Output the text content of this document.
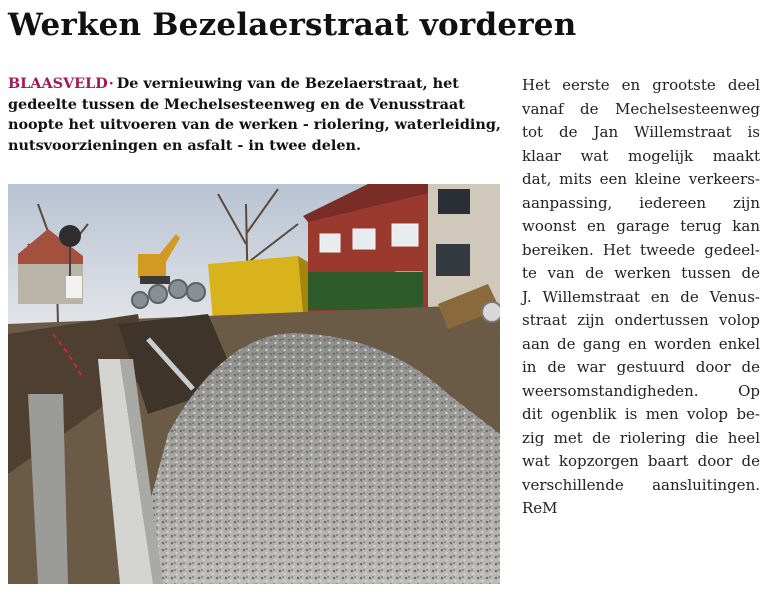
Werken Bezelaerstraat vorderen

BLAASVELD· De vernieuwing van de Bezelaerstraat, het gedeelte tussen de Mechelsesteenweg en de Venusstraat noopte het uitvoeren van de werken - riolering, waterleiding, nutsvoorzieningen en asfalt - in twee delen.

Het eerste en grootste deel
vanaf de Mechelsesteenweg
tot de Jan Willemstraat is
klaar wat mogelijk maakt
dat, mits een kleine verkeers-
aanpassing, iedereen zijn
woonst en garage terug kan
bereiken. Het tweede gedeel-
te van de werken tussen de
J. Willemstraat en de Venus-
straat zijn ondertussen volop
aan de gang en worden enkel
in de war gestuurd door de
weersomstandigheden. Op
dit ogenblik is men volop be-
zig met de riolering die heel
wat kopzorgen baart door de
verschillende aansluitingen.
ReM
